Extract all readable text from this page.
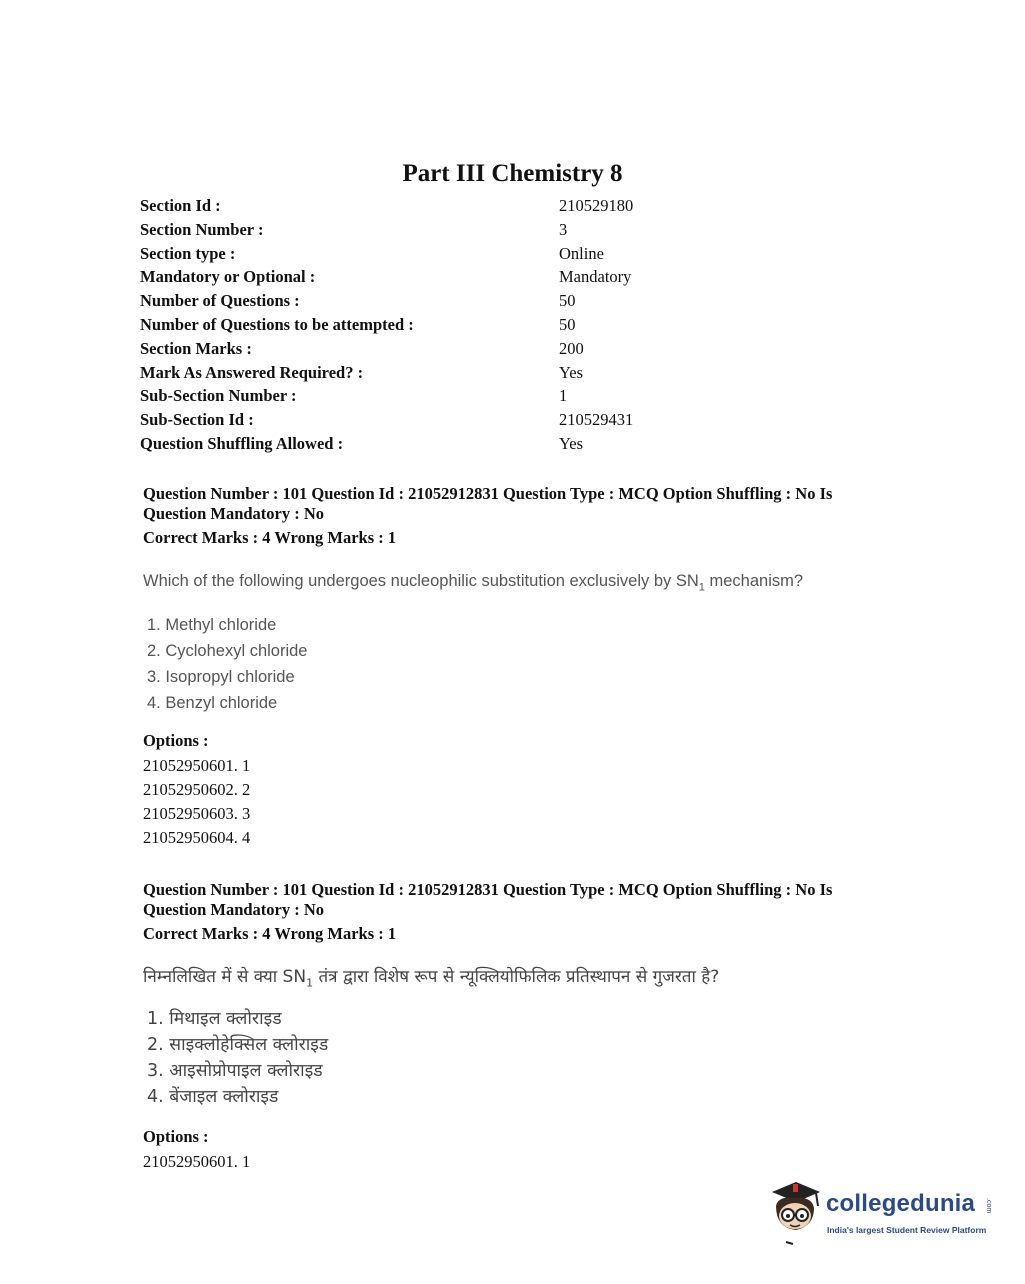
Part III Chemistry 8
Section Id :	210529180
Section Number :	3
Section type :	Online
Mandatory or Optional :	Mandatory
Number of Questions :	50
Number of Questions to be attempted :	50
Section Marks :	200
Mark As Answered Required? :	Yes
Sub-Section Number :	1
Sub-Section Id :	210529431
Question Shuffling Allowed :	Yes
Question Number : 101 Question Id : 21052912831 Question Type : MCQ Option Shuffling : No Is
Question Mandatory : No
Correct Marks : 4 Wrong Marks : 1
Which of the following undergoes nucleophilic substitution exclusively by $SN_1$ mechanism?
1. Methyl chloride
2. Cyclohexyl chloride
3. Isopropyl chloride
4. Benzyl chloride
Options :
21052950601. 1
21052950602. 2
21052950603. 3
21052950604. 4
Question Number : 101 Question Id : 21052912831 Question Type : MCQ Option Shuffling : No Is
Question Mandatory : No
Correct Marks : 4 Wrong Marks : 1
निम्नलिखित में से क्या $SN_1$ तंत्र द्वारा विशेष रूप से न्यूक्लियोफिलिक प्रतिस्थापन से गुजरता है?
1. मिथाइल क्लोराइड
2. साइक्लोहेक्सिल क्लोराइड
3. आइसोप्रोपाइल क्लोराइड
4. बेंजाइल क्लोराइड
Options :
21052950601. 1
collegedunia .com
India's largest Student Review Platform
